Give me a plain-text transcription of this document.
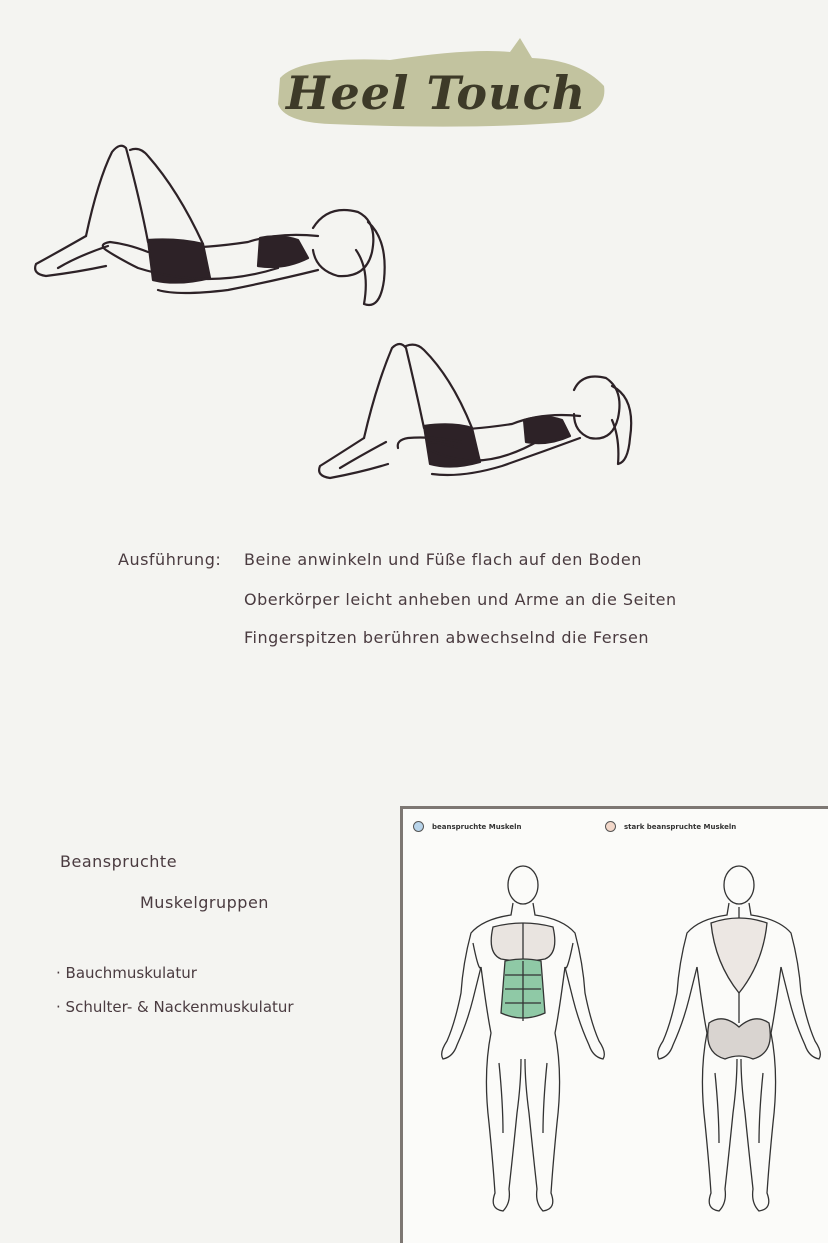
Heel Touch
Ausführung: Beine anwinkeln und Füße flach auf den Boden
Oberkörper leicht anheben und Arme an die Seiten
Fingerspitzen berühren abwechselnd die Fersen
Beanspruchte
Muskelgruppen
· Bauchmuskulatur
· Schulter- & Nackenmuskulatur
beanspruchte Muskeln	stark beanspruchte Muskeln
